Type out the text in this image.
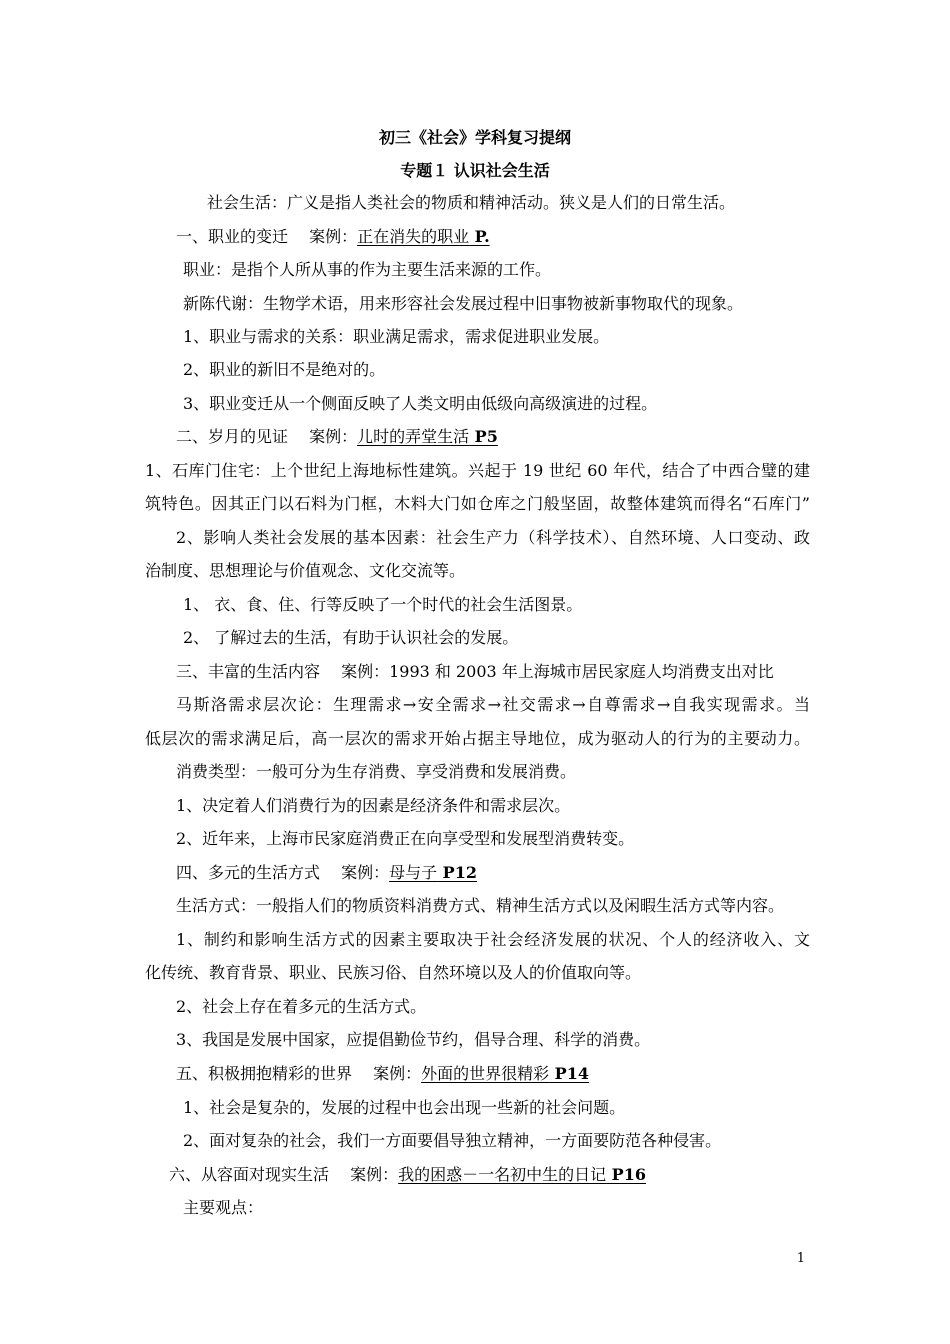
初三《社会》学科复习提纲
专题１ 认识社会生活
社会生活：广义是指人类社会的物质和精神活动。狭义是人们的日常生活。
一、职业的变迁　 案例：正在消失的职业 P.
职业：是指个人所从事的作为主要生活来源的工作。
新陈代谢：生物学术语，用来形容社会发展过程中旧事物被新事物取代的现象。
1、职业与需求的关系：职业满足需求，需求促进职业发展。
2、职业的新旧不是绝对的。
3、职业变迁从一个侧面反映了人类文明由低级向高级演进的过程。
二、岁月的见证　 案例：儿时的弄堂生活 P5
1、石库门住宅：上个世纪上海地标性建筑。兴起于 19 世纪 60 年代，结合了中西合璧的建
筑特色。因其正门以石料为门框，木料大门如仓库之门般坚固，故整体建筑而得名“石库门”
2、影响人类社会发展的基本因素：社会生产力（科学技术）、自然环境、人口变动、政
治制度、思想理论与价值观念、文化交流等。
1、 衣、食、住、行等反映了一个时代的社会生活图景。
2、 了解过去的生活，有助于认识社会的发展。
三、丰富的生活内容　 案例：1993 和 2003 年上海城市居民家庭人均消费支出对比
马斯洛需求层次论：生理需求→安全需求→社交需求→自尊需求→自我实现需求。当
低层次的需求满足后，高一层次的需求开始占据主导地位，成为驱动人的行为的主要动力。
消费类型：一般可分为生存消费、享受消费和发展消费。
1、决定着人们消费行为的因素是经济条件和需求层次。
2、近年来，上海市民家庭消费正在向享受型和发展型消费转变。
四、多元的生活方式　 案例：母与子 P12
生活方式：一般指人们的物质资料消费方式、精神生活方式以及闲暇生活方式等内容。
1、制约和影响生活方式的因素主要取决于社会经济发展的状况、个人的经济收入、文
化传统、教育背景、职业、民族习俗、自然环境以及人的价值取向等。
2、社会上存在着多元的生活方式。
3、我国是发展中国家，应提倡勤俭节约，倡导合理、科学的消费。
五、积极拥抱精彩的世界　 案例：外面的世界很精彩 P14
1、社会是复杂的，发展的过程中也会出现一些新的社会问题。
2、面对复杂的社会，我们一方面要倡导独立精神，一方面要防范各种侵害。
六、从容面对现实生活　 案例：我的困惑－一名初中生的日记 P16
主要观点：
1
